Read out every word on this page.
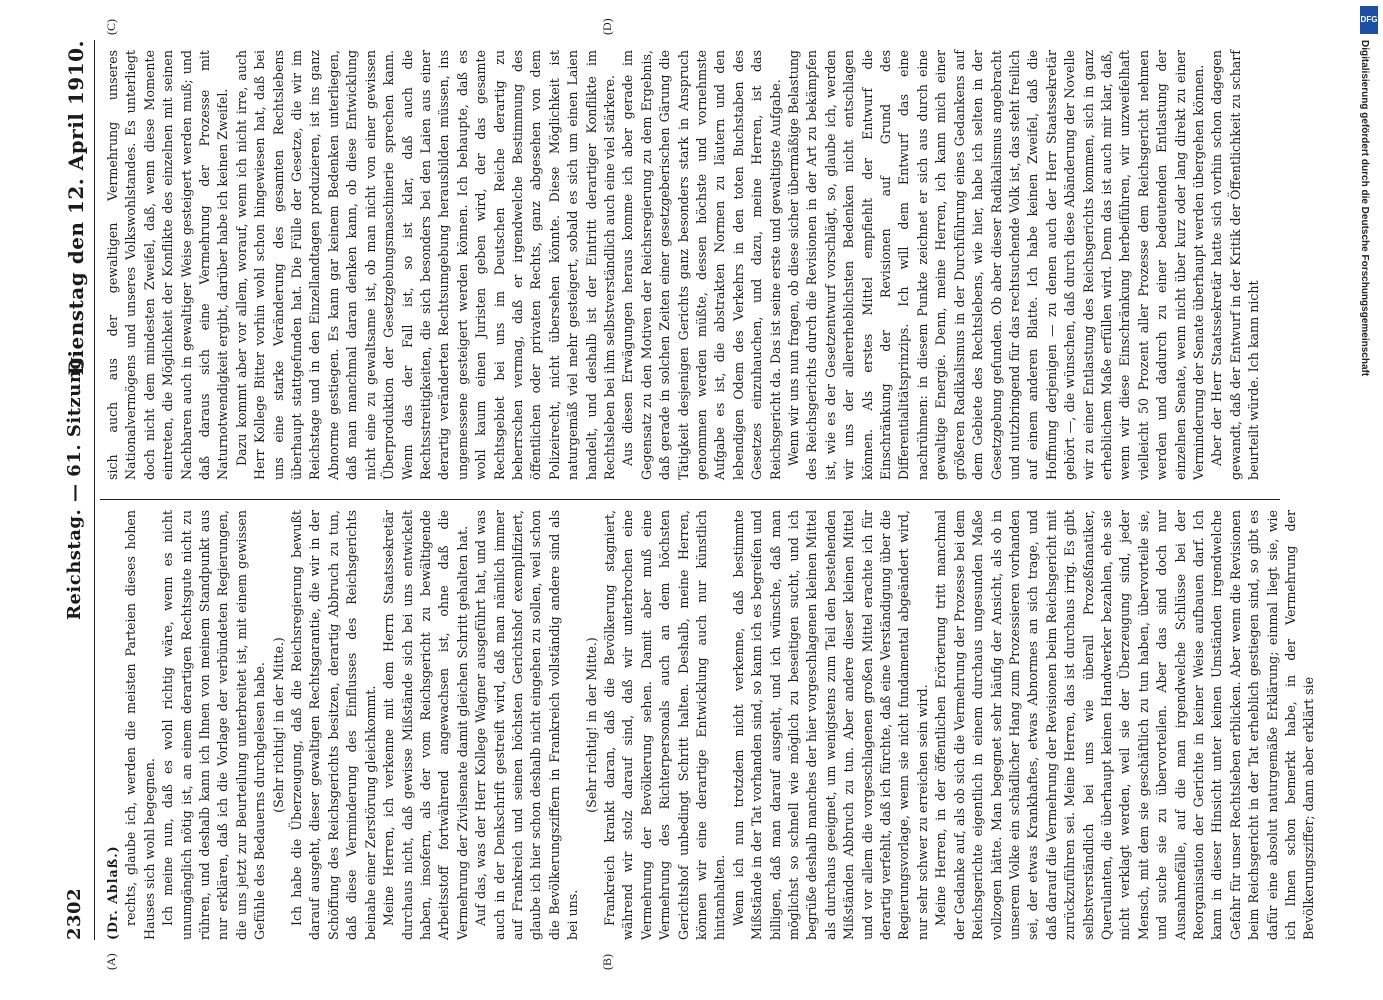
2302
Reichstag. — 61. Sitzung.
Dienstag den 12. April 1910.

(Dr. Ablaß.) rechts, glaube ich, werden die meisten Parteien dieses hohen Hauses sich wohl begegnen. Ich meine nun, daß es wohl richtig wäre, wenn es nicht unumgänglich nötig ist, an einem derartigen Rechtsgute nicht zu rühren, und deshalb kann ich Ihnen von meinem Standpunkt aus nur erklären, daß ich die Vorlage der verbündeten Regierungen, die uns jetzt zur Beurteilung unterbreitet ist, mit einem gewissen Gefühle des Bedauerns durchgelesen habe. (Sehr richtig! in der Mitte.) Ich habe die Überzeugung, daß die Reichsregierung bewußt darauf ausgeht, dieser gewaltigen Rechtsgarantie, die wir in der Schöffung des Reichsgerichts besitzen, derartig Abbruch zu tun, daß diese Verminderung des Einflusses des Reichsgerichts beinahe einer Zerstörung gleichkommt. Meine Herren, ich verkenne mit dem Herrn Staatssekretär durchaus nicht, daß gewisse Mißstände sich bei uns entwickelt haben, insofern, als der vom Reichsgericht zu bewältigende Arbeitsstoff fortwährend angewachsen ist, ohne daß die Vermehrung der Zivilsenate damit gleichen Schritt gehalten hat. Auf das, was der Herr Kollege Wagner ausgeführt hat, und was auch in der Denkschrift gestreift wird, daß man nämlich immer auf Frankreich und seinen höchsten Gerichtshof exemplifiziert, glaube ich hier schon deshalb nicht eingehen zu sollen, weil schon die Bevölkerungsziffern in Frankreich vollständig andere sind als bei uns.

(Sehr richtig! in der Mitte.) Frankreich krankt daran, daß die Bevölkerung stagniert, während wir stolz darauf sind, daß wir unterbrochen eine Vermehrung der Bevölkerung sehen. Damit aber muß eine Vermehrung des Richterpersonals auch an dem höchsten Gerichtshof unbedingt Schritt halten. Deshalb, meine Herren, können wir eine derartige Entwicklung auch nur künstlich hintanhalten. Wenn ich nun trotzdem nicht verkenne, daß bestimmte Mißstände in der Tat vorhanden sind, so kann ich es begreifen und billigen, daß man darauf ausgeht, und ich wünsche, daß man möglichst so schnell wie möglich zu beseitigen sucht, und ich begrüße deshalb manches der hier vorgeschlagenen kleinen Mittel als durchaus geeignet, um wenigstens zum Teil den bestehenden Mißständen Abbruch zu tun. Aber andere dieser kleinen Mittel und vor allem die vorgeschlagenen großen Mittel erachte ich für derartig verfehlt, daß ich fürchte, daß eine Verständigung über die Regierungsvorlage, wenn sie nicht fundamental abgeändert wird, nur sehr schwer zu erreichen sein wird. Meine Herren, in der öffentlichen Erörterung tritt manchmal der Gedanke auf, als ob sich die Vermehrung der Prozesse bei dem Reichsgerichte eigentlich in einem durchaus ungesunden Maße vollzogen hätte. Man begegnet sehr häufig der Ansicht, als ob in unserem Volke ein schädlicher Hang zum Prozessieren vorhanden sei, der etwas Krankhaftes, etwas Abnormes an sich trage, und daß darauf die Vermehrung der Revisionen beim Reichsgericht mit zurückzuführen sei. Meine Herren, das ist durchaus irrig. Es gibt selbstverständlich bei uns wie überall Prozeßfanatiker, Querulanten, die überhaupt keinen Handwerker bezahlen, ehe sie nicht verklagt werden, weil sie der Überzeugung sind, jeder Mensch, mit dem sie geschäftlich zu tun haben, übervorteile sie, und suche sie zu übervorteilen. Aber das sind doch nur Ausnahmefälle, auf die man irgendwelche Schlüsse bei der Reorganisation der Gerichte in keiner Weise aufbauen darf. Ich kann in dieser Hinsicht unter keinen Umständen irgendwelche Gefahr für unser Rechtsleben erblicken. Aber wenn die Revisionen beim Reichsgericht in der Tat erheblich gestiegen sind, so gibt es dafür eine absolut naturgemäße Erklärung; einmal liegt sie, wie ich Ihnen schon bemerkt habe, in der Vermehrung der Bevölkerungsziffer; dann aber erklärt sie

sich auch aus der gewaltigen Vermehrung unseres Nationalvermögens und unseres Volkswohlstandes. Es unterliegt doch nicht dem mindesten Zweifel, daß, wenn diese Momente eintreten, die Möglichkeit der Konflikte des einzelnen mit seinen Nachbaren auch in gewaltiger Weise gesteigert werden muß; und daß daraus sich eine Vermehrung der Prozesse mit Naturnotwendigkeit ergibt, darüber habe ich keinen Zweifel. Dazu kommt aber vor allem, worauf, wenn ich nicht irre, auch Herr Kollege Bitter vorhin wohl schon hingewiesen hat, daß bei uns eine starke Veränderung des gesamten Rechtslebens überhaupt stattgefunden hat. Die Fülle der Gesetze, die wir im Reichstage und in den Einzellandtagen produzieren, ist ins ganz Abnorme gestiegen. Es kann gar keinem Bedenken unterliegen, daß man manchmal daran denken kann, ob diese Entwicklung nicht eine zu gewaltsame ist, ob man nicht von einer gewissen Überproduktion der Gesetzgebungsmaschinerie sprechen kann. Wenn das der Fall ist, so ist klar, daß auch die Rechtsstreitigkeiten, die sich besonders bei den Laien aus einer derartig veränderten Rechtsumgebung herausbilden müssen, ins ungemessene gesteigert werden können. Ich behaupte, daß es wohl kaum einen Juristen geben wird, der das gesamte Rechtsgebiet bei uns im Deutschen Reiche derartig zu beherrschen vermag, daß er irgendwelche Bestimmung des öffentlichen oder privaten Rechts, ganz abgesehen von dem Polizeirecht, nicht übersehen könnte. Diese Möglichkeit ist naturgemäß viel mehr gesteigert, sobald es sich um einen Laien handelt, und deshalb ist der Eintritt derartiger Konflikte im Rechtsleben bei ihm selbstverständlich auch eine viel stärkere. Aus diesen Erwägungen heraus komme ich aber gerade im Gegensatz zu den Motiven der Reichsregierung zu dem Ergebnis, daß gerade in solchen Zeiten einer gesetzgeberischen Gärung die Tätigkeit desjenigen Gerichts ganz besonders stark in Anspruch genommen werden müßte, dessen höchste und vornehmste Aufgabe es ist, die abstrakten Normen zu läutern und den lebendigen Odem des Verkehrs in den toten Buchstaben des Gesetzes einzuhauchen, und dazu, meine Herren, ist das Reichsgericht da. Das ist seine erste und gewaltigste Aufgabe. Wenn wir uns nun fragen, ob diese sicher übermäßige Belastung des Reichsgerichts durch die Revisionen in der Art zu bekämpfen ist, wie es der Gesetzentwurf vorschlägt, so, glaube ich, werden wir uns der allererheblichsten Bedenken nicht entschlagen können. Als erstes Mittel empfiehlt der Entwurf die Einschränkung der Revisionen auf Grund des Differentialitätsprinzips. Ich will dem Entwurf das eine nachrühmen: in diesem Punkte zeichnet er sich aus durch eine gewaltige Energie. Denn, meine Herren, ich kann mich einer größeren Radikalismus in der Durchführung eines Gedankens auf dem Gebiete des Rechtslebens, wie hier, habe ich selten in der Gesetzgebung gefunden. Ob aber dieser Radikalismus angebracht und nutzbringend für das rechtsuchende Volk ist, das steht freilich auf einem anderen Blatte. Ich habe keinen Zweifel, daß die Hoffnung derjenigen — zu denen auch der Herr Staatssekretär gehört —, die wünschen, daß durch diese Abänderung der Novelle wir zu einer Entlastung des Reichsgerichts kommen, sich in ganz erheblichem Maße erfüllen wird. Denn das ist auch mir klar, daß, wenn wir diese Einschränkung herbeiführen, wir unzweifelhaft vielleicht 50 Prozent aller Prozesse dem Reichsgericht nehmen werden und dadurch zu einer bedeutenden Entlastung der einzelnen Senate, wenn nicht über kurz oder lang direkt zu einer Verminderung der Senate überhaupt werden übergehen können. Aber der Herr Staatssekretär hatte sich vorhin schon dagegen gewandt, daß der Entwurf in der Kritik der Öffentlichkeit zu scharf beurteilt würde. Ich kann nicht

(A)	(B)
(C)	(D)	DFG
Digitalisierung gefördert durch die Deutsche Forschungsgemeinschaft
